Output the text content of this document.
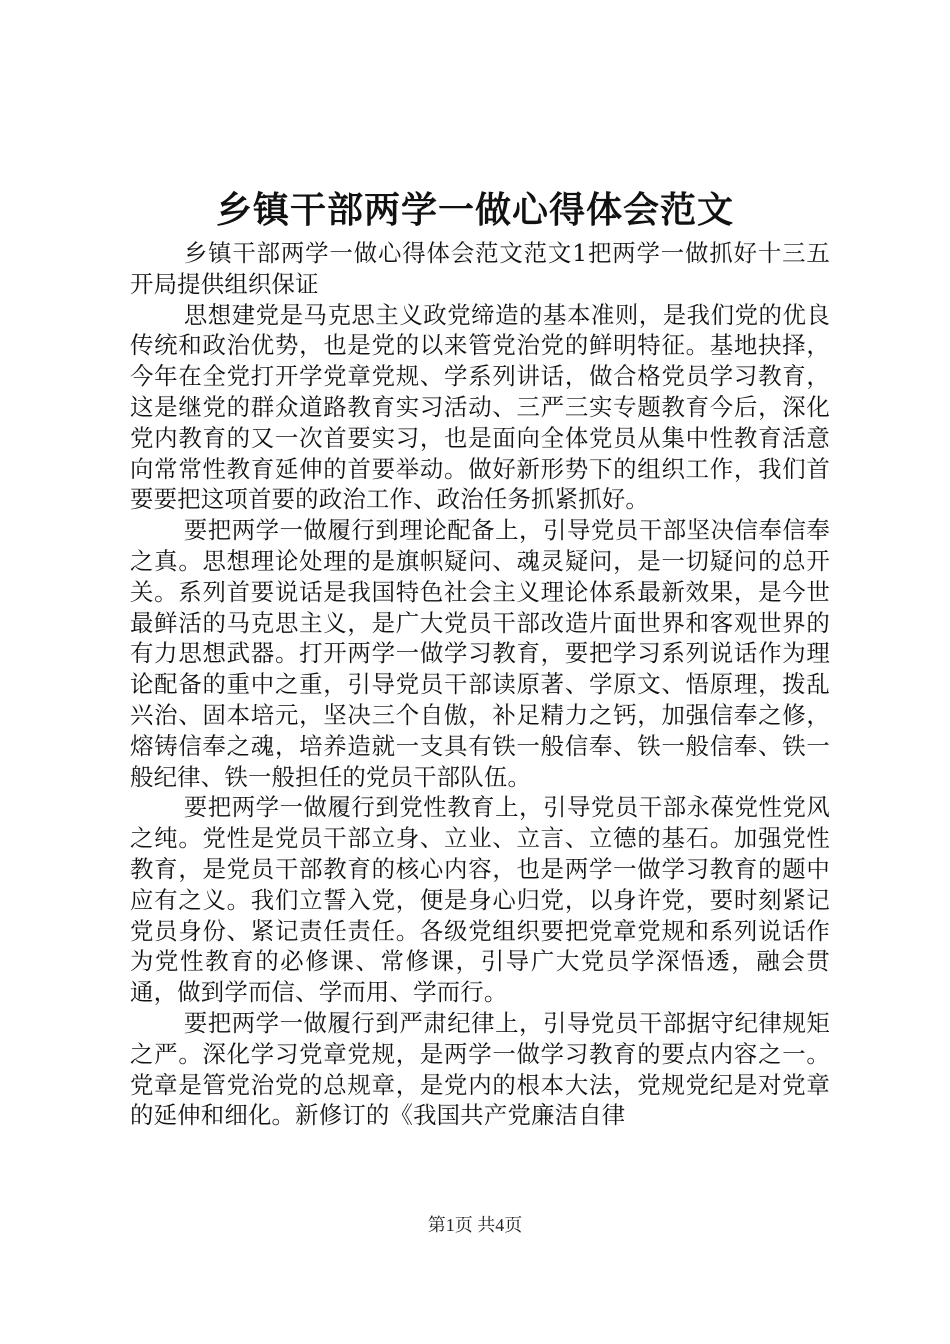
乡镇干部两学一做心得体会范文

乡镇干部两学一做心得体会范文范文1把两学一做抓好十三五开局提供组织保证

思想建党是马克思主义政党缔造的基本准则，是我们党的优良传统和政治优势，也是党的以来管党治党的鲜明特征。基地抉择，今年在全党打开学党章党规、学系列讲话，做合格党员学习教育，这是继党的群众道路教育实习活动、三严三实专题教育今后，深化党内教育的又一次首要实习，也是面向全体党员从集中性教育活意向常常性教育延伸的首要举动。做好新形势下的组织工作，我们首要要把这项首要的政治工作、政治任务抓紧抓好。

要把两学一做履行到理论配备上，引导党员干部坚决信奉信奉之真。思想理论处理的是旗帜疑问、魂灵疑问，是一切疑问的总开关。系列首要说话是我国特色社会主义理论体系最新效果，是今世最鲜活的马克思主义，是广大党员干部改造片面世界和客观世界的有力思想武器。打开两学一做学习教育，要把学习系列说话作为理论配备的重中之重，引导党员干部读原著、学原文、悟原理，拨乱兴治、固本培元，坚决三个自傲，补足精力之钙，加强信奉之修，熔铸信奉之魂，培养造就一支具有铁一般信奉、铁一般信奉、铁一般纪律、铁一般担任的党员干部队伍。

要把两学一做履行到党性教育上，引导党员干部永葆党性党风之纯。党性是党员干部立身、立业、立言、立德的基石。加强党性教育，是党员干部教育的核心内容，也是两学一做学习教育的题中应有之义。我们立誓入党，便是身心归党，以身许党，要时刻紧记党员身份、紧记责任责任。各级党组织要把党章党规和系列说话作为党性教育的必修课、常修课，引导广大党员学深悟透，融会贯通，做到学而信、学而用、学而行。

要把两学一做履行到严肃纪律上，引导党员干部据守纪律规矩之严。深化学习党章党规，是两学一做学习教育的要点内容之一。党章是管党治党的总规章，是党内的根本大法，党规党纪是对党章的延伸和细化。新修订的《我国共产党廉洁自律

第1页 共4页
